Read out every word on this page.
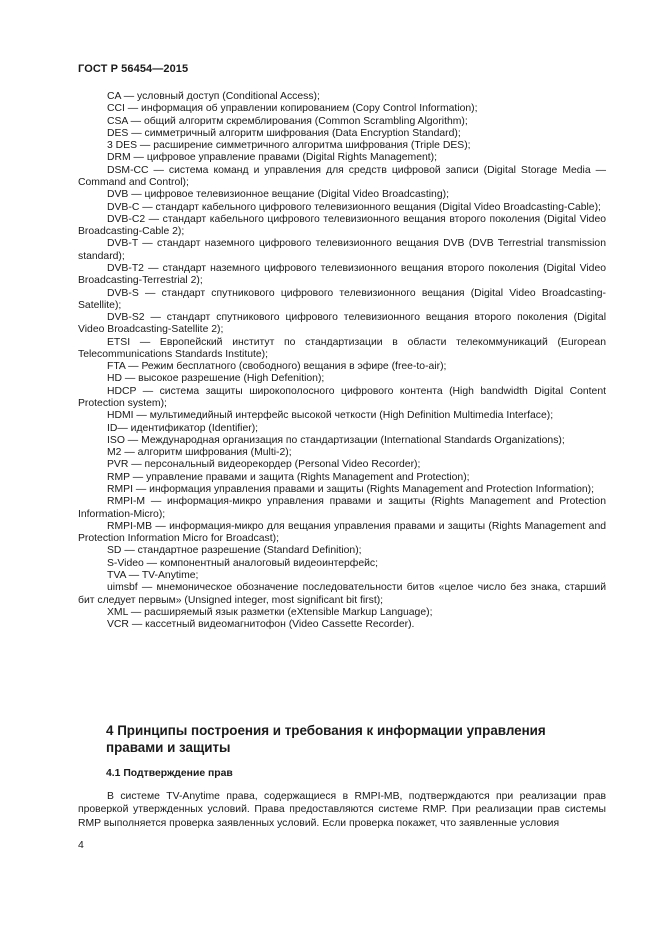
ГОСТ Р 56454—2015

CA — условный доступ (Conditional Access);

CCI — информация об управлении копированием (Copy Control Information);

CSA — общий алгоритм скремблирования (Common Scrambling Algorithm);

DES — симметричный алгоритм шифрования (Data Encryption Standard);

3 DES — расширение симметричного алгоритма шифрования (Triple DES);

DRM — цифровое управление правами (Digital Rights Management);

DSM-CC — система команд и управления для средств цифровой записи (Digital Storage Media — Command and Control);

DVB — цифровое телевизионное вещание (Digital Video Broadcasting);

DVB-C — стандарт кабельного цифрового телевизионного вещания (Digital Video Broadcasting-Cable);

DVB-C2 — стандарт кабельного цифрового телевизионного вещания второго поколения (Digital Video Broadcasting-Cable 2);

DVB-T — стандарт наземного цифрового телевизионного вещания DVB (DVB Terrestrial transmission standard);

DVB-T2 — стандарт наземного цифрового телевизионного вещания второго поколения (Digital Video Broadcasting-Terrestrial 2);

DVB-S — стандарт спутникового цифрового телевизионного вещания (Digital Video Broadcasting-Satellite);

DVB-S2 — стандарт спутникового цифрового телевизионного вещания второго поколения (Digital Video Broadcasting-Satellite 2);

ETSI — Европейский институт по стандартизации в области телекоммуникаций (European Telecommunications Standards Institute);

FTA — Режим бесплатного (свободного) вещания в эфире (free-to-air);

HD — высокое разрешение (High Defenition);

HDCP — система защиты широкополосного цифрового контента (High bandwidth Digital Content Protection system);

HDMI — мультимедийный интерфейс высокой четкости (High Definition Multimedia Interface);

ID— идентификатор (Identifier);

ISO — Международная организация по стандартизации (International Standards Organizations);

M2 — алгоритм шифрования (Multi-2);

PVR — персональный видеорекордер (Personal Video Recorder);

RMP — управление правами и защита (Rights Management and Protection);

RMPI — информация управления правами и защиты (Rights Management and Protection Information);

RMPI-M — информация-микро управления правами и защиты (Rights Management and Protection Information-Micro);

RMPI-MB — информация-микро для вещания управления правами и защиты (Rights Management and Protection Information Micro for Broadcast);

SD — стандартное разрешение (Standard Definition);

S-Video — компонентный аналоговый видеоинтерфейс;

TVA — TV-Anytime;

uimsbf — мнемоническое обозначение последовательности битов «целое число без знака, старший бит следует первым» (Unsigned integer, most significant bit first);

XML — расширяемый язык разметки (eXtensible Markup Language);

VCR — кассетный видеомагнитофон (Video Cassette Recorder).

4 Принципы построения и требования к информации управления правами и защиты
4.1 Подтверждение прав

В системе TV-Anytime права, содержащиеся в RMPI-MB, подтверждаются при реализации прав проверкой утвержденных условий. Права предоставляются системе RMP. При реализации прав системы RMP выполняется проверка заявленных условий. Если проверка покажет, что заявленные условия

4
